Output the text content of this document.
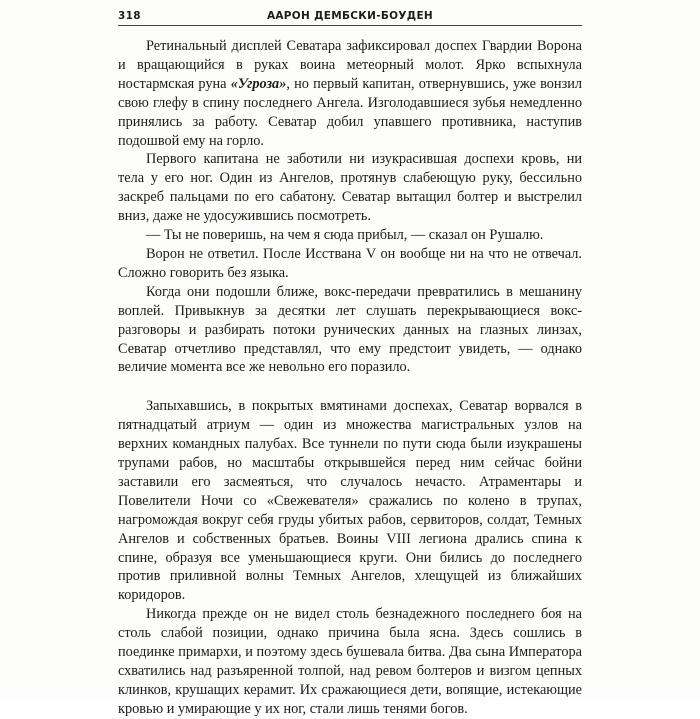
318	ААРОН ДЕМБСКИ-БОУДЕН

Ретинальный дисплей Севатара зафиксировал доспех Гвардии Ворона и вращающийся в руках воина метеорный молот. Ярко вспыхнула ностармская руна «Угроза», но первый капитан, отвернувшись, уже вонзил свою глефу в спину последнего Ангела. Изголодавшиеся зубья немедленно принялись за работу. Севатар добил упавшего противника, наступив подошвой ему на горло.

Первого капитана не заботили ни изукрасившая доспехи кровь, ни тела у его ног. Один из Ангелов, протянув слабеющую руку, бессильно заскреб пальцами по его сабатону. Севатар вытащил болтер и выстрелил вниз, даже не удосужившись посмотреть.

— Ты не поверишь, на чем я сюда прибыл, — сказал он Рушалю.

Ворон не ответил. После Исствана V он вообще ни на что не отвечал. Сложно говорить без языка.

Когда они подошли ближе, вокс-передачи превратились в мешанину воплей. Привыкнув за десятки лет слушать перекрывающиеся вокс-разговоры и разбирать потоки рунических данных на глазных линзах, Севатар отчетливо представлял, что ему предстоит увидеть, — однако величие момента все же невольно его поразило.

Запыхавшись, в покрытых вмятинами доспехах, Севатар ворвался в пятнадцатый атриум — один из множества магистральных узлов на верхних командных палубах. Все туннели по пути сюда были изукрашены трупами рабов, но масштабы открывшейся перед ним сейчас бойни заставили его засмеяться, что случалось нечасто. Атраментары и Повелители Ночи со «Свежевателя» сражались по колено в трупах, нагромождая вокруг себя груды убитых рабов, сервиторов, солдат, Темных Ангелов и собственных братьев. Воины VIII легиона дрались спина к спине, образуя все уменьшающиеся круги. Они бились до последнего против приливной волны Темных Ангелов, хлещущей из ближайших коридоров.

Никогда прежде он не видел столь безнадежного последнего боя на столь слабой позиции, однако причина была ясна. Здесь сошлись в поединке примархи, и поэтому здесь бушевала битва. Два сына Императора схватились над разъяренной толпой, над ревом болтеров и визгом цепных клинков, крушащих керамит. Их сражающиеся дети, вопящие, истекающие кровью и умирающие у их ног, стали лишь тенями богов.
